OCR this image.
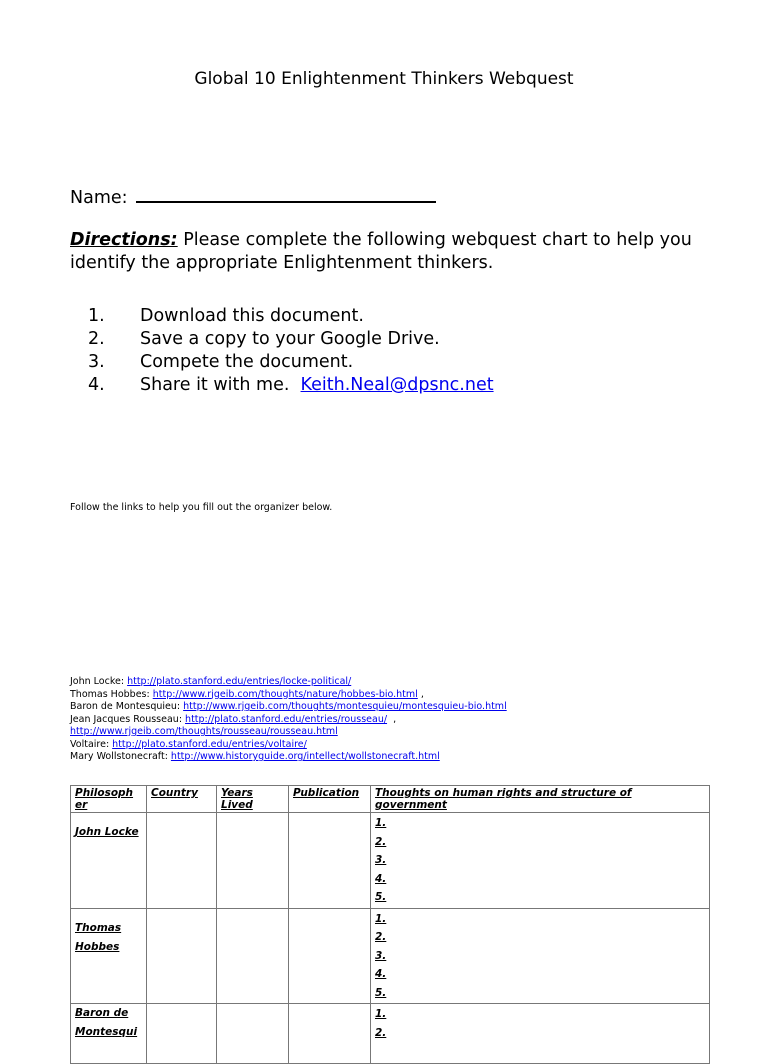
Global 10 Enlightenment Thinkers Webquest
Name:
Directions: Please complete the following webquest chart to help you identify the appropriate Enlightenment thinkers.
1.	Download this document.
2.	Save a copy to your Google Drive.
3.	Compete the document.
4.	Share it with me.  Keith.Neal@dpsnc.net
Follow the links to help you fill out the organizer below.
John Locke: http://plato.stanford.edu/entries/locke-political/
Thomas Hobbes: http://www.rjgeib.com/thoughts/nature/hobbes-bio.html ,
Baron de Montesquieu: http://www.rjgeib.com/thoughts/montesquieu/montesquieu-bio.html
Jean Jacques Rousseau: http://plato.stanford.edu/entries/rousseau/  ,
http://www.rjgeib.com/thoughts/rousseau/rousseau.html
Voltaire: http://plato.stanford.edu/entries/voltaire/
Mary Wollstonecraft: http://www.historyguide.org/intellect/wollstonecraft.html
Philosoph er	Country	Years Lived	Publication	Thoughts on human rights and structure of government
John Locke				1.
2.
3.
4.
5.

Thomas Hobbes				1.
2.
3.
4.
5.

Baron de Montesqui				1.
2.
